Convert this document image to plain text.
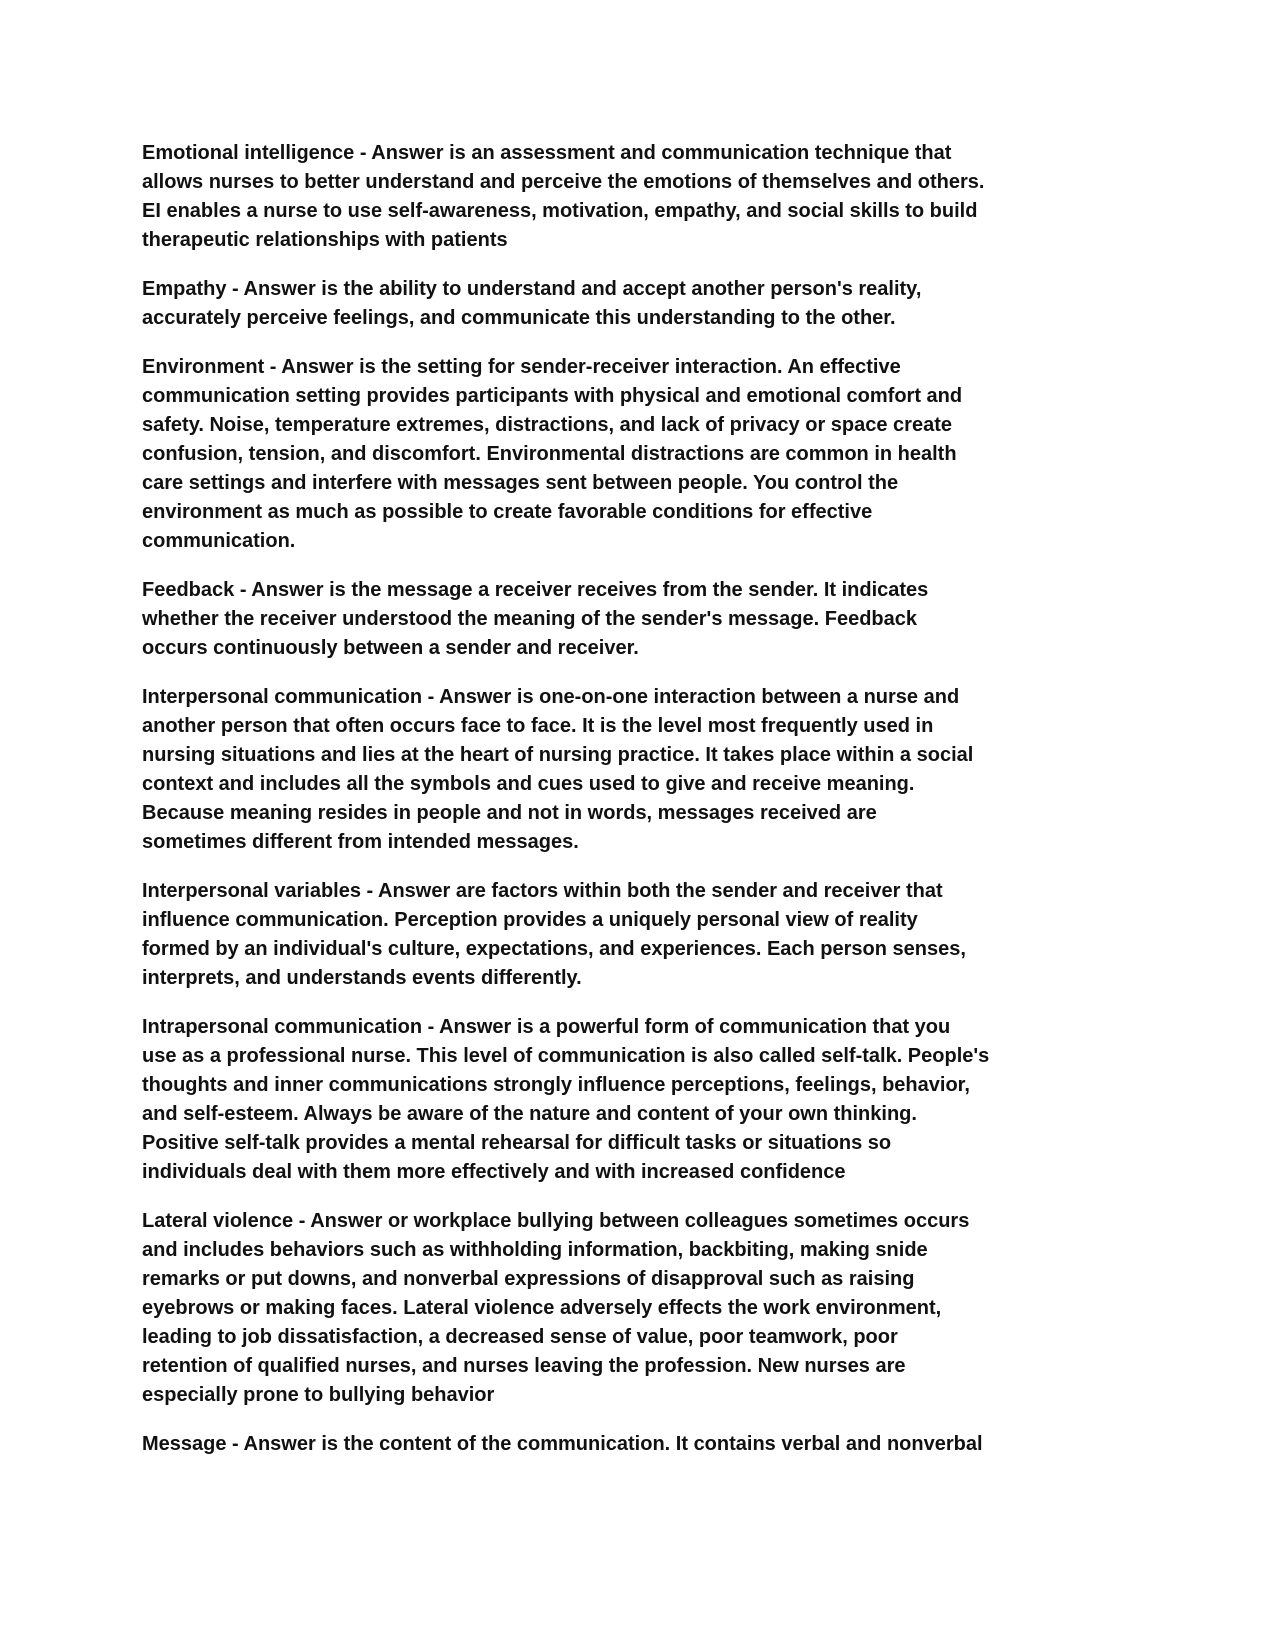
Emotional intelligence - Answer is an assessment and communication technique that
allows nurses to better understand and perceive the emotions of themselves and others.
EI enables a nurse to use self-awareness, motivation, empathy, and social skills to build
therapeutic relationships with patients
Empathy - Answer is the ability to understand and accept another person's reality,
accurately perceive feelings, and communicate this understanding to the other.
Environment - Answer is the setting for sender-receiver interaction. An effective
communication setting provides participants with physical and emotional comfort and
safety. Noise, temperature extremes, distractions, and lack of privacy or space create
confusion, tension, and discomfort. Environmental distractions are common in health
care settings and interfere with messages sent between people. You control the
environment as much as possible to create favorable conditions for effective
communication.
Feedback - Answer is the message a receiver receives from the sender. It indicates
whether the receiver understood the meaning of the sender's message. Feedback
occurs continuously between a sender and receiver.
Interpersonal communication - Answer is one-on-one interaction between a nurse and
another person that often occurs face to face. It is the level most frequently used in
nursing situations and lies at the heart of nursing practice. It takes place within a social
context and includes all the symbols and cues used to give and receive meaning.
Because meaning resides in people and not in words, messages received are
sometimes different from intended messages.
Interpersonal variables - Answer are factors within both the sender and receiver that
influence communication. Perception provides a uniquely personal view of reality
formed by an individual's culture, expectations, and experiences. Each person senses,
interprets, and understands events differently.
Intrapersonal communication - Answer is a powerful form of communication that you
use as a professional nurse. This level of communication is also called self-talk. People's
thoughts and inner communications strongly influence perceptions, feelings, behavior,
and self-esteem. Always be aware of the nature and content of your own thinking.
Positive self-talk provides a mental rehearsal for difficult tasks or situations so
individuals deal with them more effectively and with increased confidence
Lateral violence - Answer or workplace bullying between colleagues sometimes occurs
and includes behaviors such as withholding information, backbiting, making snide
remarks or put downs, and nonverbal expressions of disapproval such as raising
eyebrows or making faces. Lateral violence adversely effects the work environment,
leading to job dissatisfaction, a decreased sense of value, poor teamwork, poor
retention of qualified nurses, and nurses leaving the profession. New nurses are
especially prone to bullying behavior
Message - Answer is the content of the communication. It contains verbal and nonverbal
